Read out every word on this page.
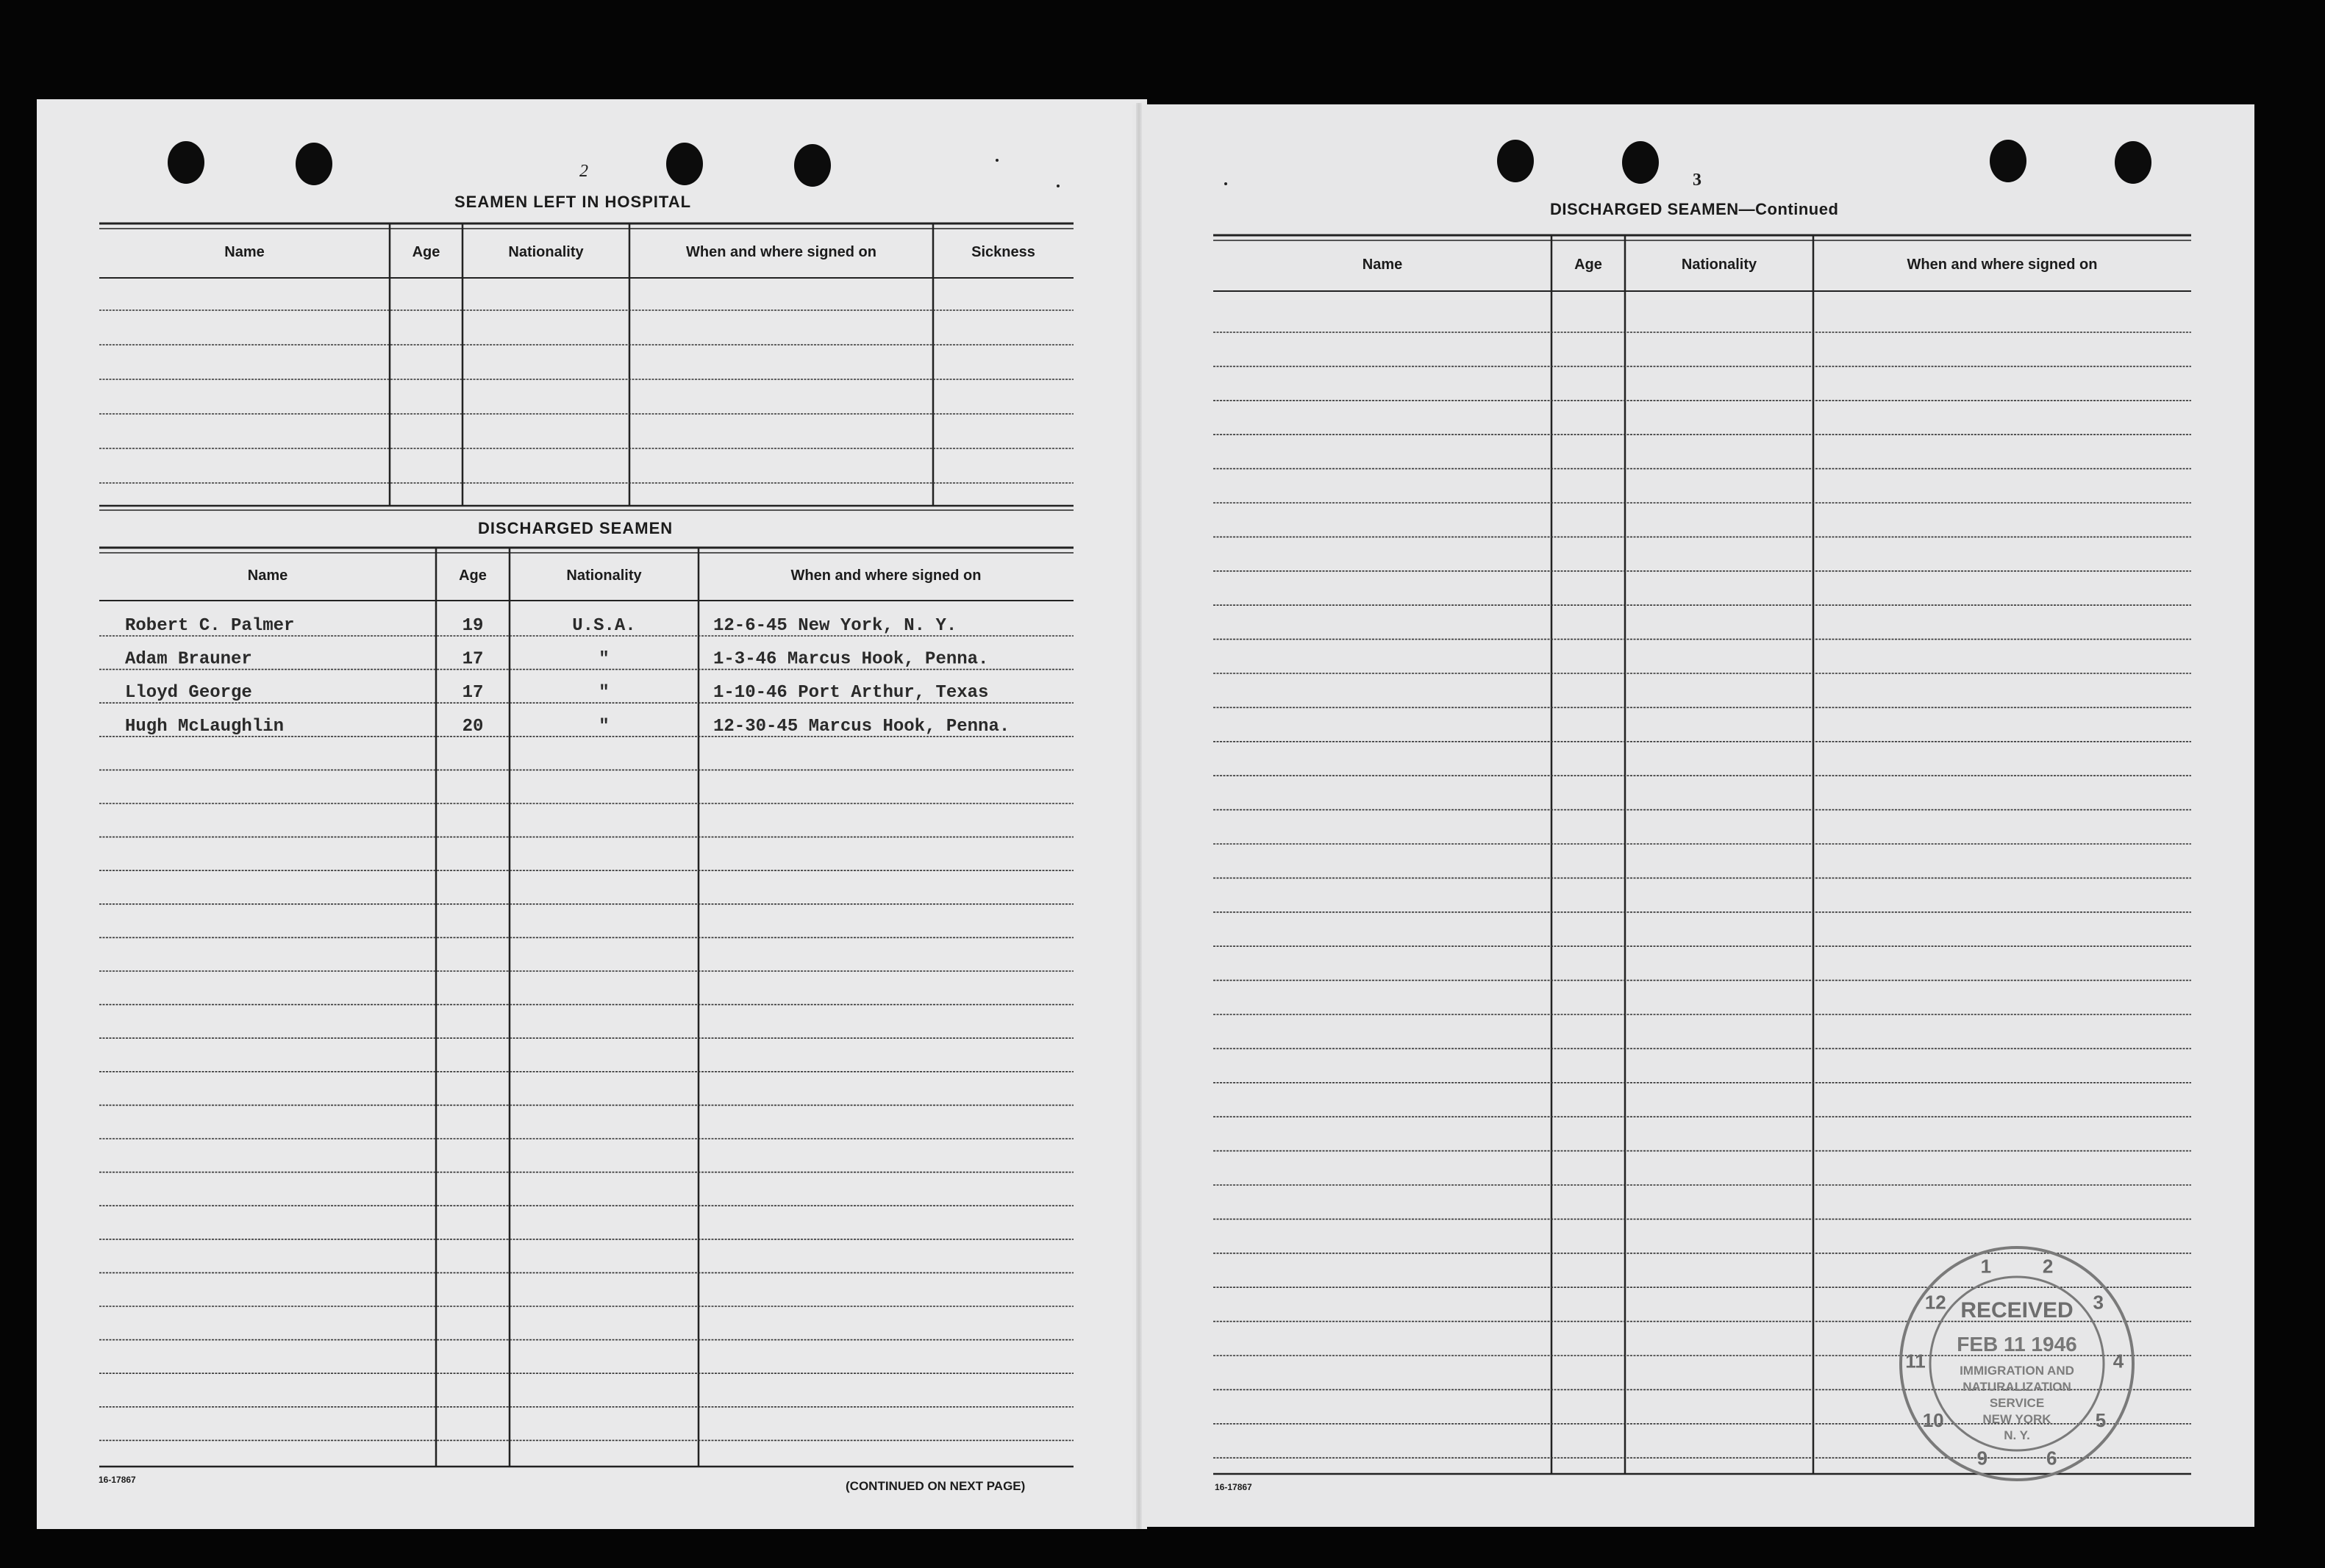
2
SEAMEN LEFT IN HOSPITAL
DISCHARGED SEAMEN
16-17867	(CONTINUED ON NEXT PAGE)
3
DISCHARGED SEAMEN—Continued
16-17867
Name	Age	Nationality	When and where signed on	Sickness
Name	Age	Nationality	When and where signed on
Robert C. Palmer	19	U.S.A.	12-6-45 New York, N. Y.
Adam Brauner	17	"	1-3-46 Marcus Hook, Penna.
Lloyd George	17	"	1-10-46 Port Arthur, Texas
Hugh McLaughlin	20	"	12-30-45 Marcus Hook, Penna.
Name	Age	Nationality	When and where signed on
9
10
11
12
1	2
3
4
5
6
RECEIVED
FEB 11 1946
IMMIGRATION AND
NATURALIZATION
SERVICE
NEW YORK
N. Y.
